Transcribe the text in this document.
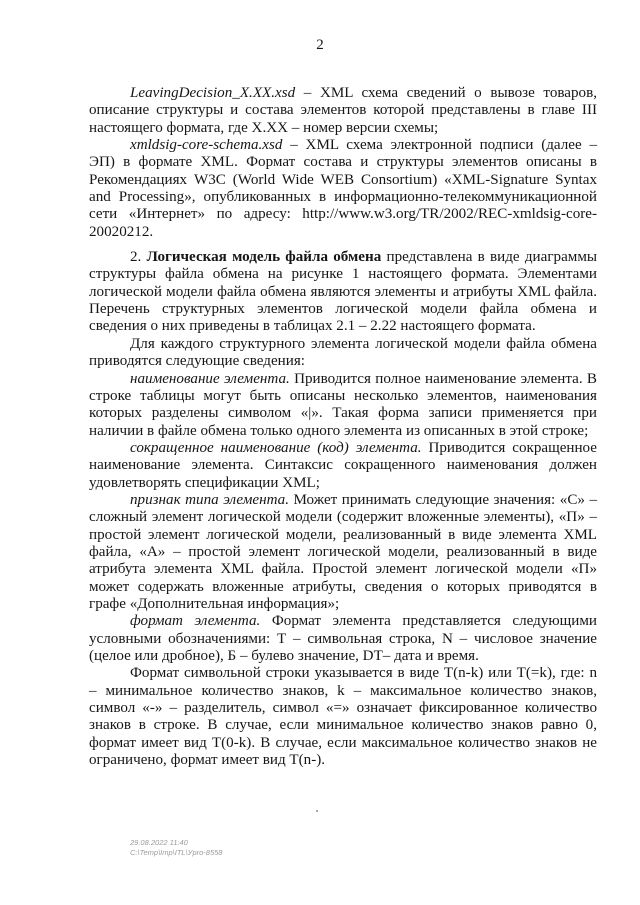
2

LeavingDecision_X.XX.xsd – XML схема сведений о вывозе товаров, описание структуры и состава элементов которой представлены в главе III настоящего формата, где X.XX – номер версии схемы;

xmldsig-core-schema.xsd – XML схема электронной подписи (далее – ЭП) в формате XML. Формат состава и структуры элементов описаны в Рекомендациях W3C (World Wide WEB Consortium) «XML-Signature Syntax and Processing», опубликованных в информационно-телекоммуникационной сети «Интернет» по адресу: http://www.w3.org/TR/2002/REC-xmldsig-core-20020212.

2. Логическая модель файла обмена представлена в виде диаграммы структуры файла обмена на рисунке 1 настоящего формата. Элементами логической модели файла обмена являются элементы и атрибуты XML файла. Перечень структурных элементов логической модели файла обмена и сведения о них приведены в таблицах 2.1 – 2.22 настоящего формата.

Для каждого структурного элемента логической модели файла обмена приводятся следующие сведения:

наименование элемента. Приводится полное наименование элемента. В строке таблицы могут быть описаны несколько элементов, наименования которых разделены символом «|». Такая форма записи применяется при наличии в файле обмена только одного элемента из описанных в этой строке;

сокращенное наименование (код) элемента. Приводится сокращенное наименование элемента. Синтаксис сокращенного наименования должен удовлетворять спецификации XML;

признак типа элемента. Может принимать следующие значения: «С» – сложный элемент логической модели (содержит вложенные элементы), «П» – простой элемент логической модели, реализованный в виде элемента XML файла, «А» – простой элемент логической модели, реализованный в виде атрибута элемента XML файла. Простой элемент логической модели «П» может содержать вложенные атрибуты, сведения о которых приводятся в графе «Дополнительная информация»;

формат элемента. Формат элемента представляется следующими условными обозначениями: Т – символьная строка, N – числовое значение (целое или дробное), Б – булево значение, DT– дата и время.

Формат символьной строки указывается в виде Т(n-k) или Т(=k), где: n – минимальное количество знаков, k – максимальное количество знаков, символ «-» – разделитель, символ «=» означает фиксированное количество знаков в строке. В случае, если минимальное количество знаков равно 0, формат имеет вид Т(0-k). В случае, если максимальное количество знаков не ограничено, формат имеет вид Т(n-).

29.08.2022 11:40
C:\Temp\Imp\ITL\Уpro-8558
